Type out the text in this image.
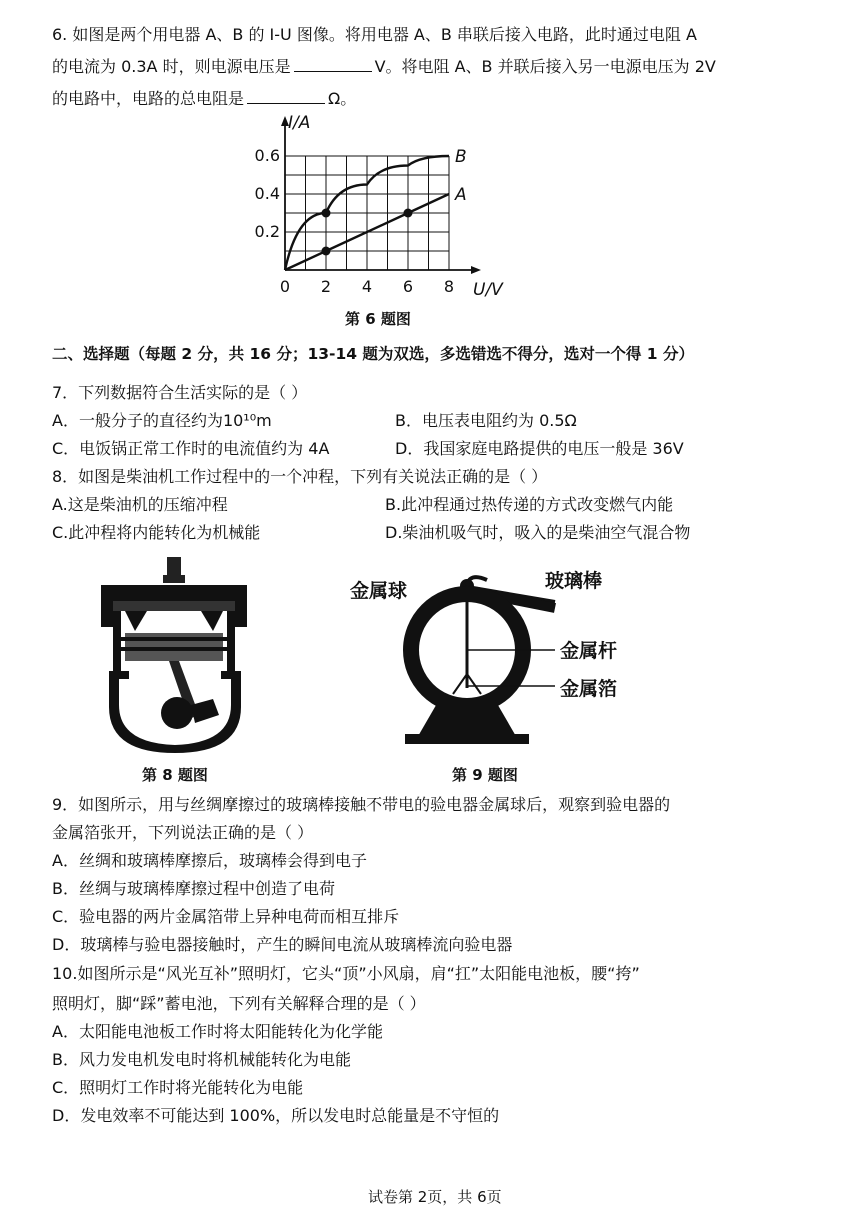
6. 如图是两个用电器 A、B 的 I-U 图像。将用电器 A、B 串联后接入电路，此时通过电阻 A
的电流为 0.3A 时，则电源电压是	V。将电阻 A、B 并联后接入另一电源电压为 2V
的电路中，电路的总电阻是	Ω。
0 2 4 6 8
0.2
0.4
0.6
U/V
I/A
A
B
第 6 题图
二、选择题（每题 2 分，共 16 分；13-14 题为双选，多选错选不得分，选对一个得 1 分）
7．下列数据符合生活实际的是（ ）
A．一般分子的直径约为10¹⁰m	B．电压表电阻约为 0.5Ω
C．电饭锅正常工作时的电流值约为 4A	D．我国家庭电路提供的电压一般是 36V
8．如图是柴油机工作过程中的一个冲程，下列有关说法正确的是（ ）
A.这是柴油机的压缩冲程	B.此冲程通过热传递的方式改变燃气内能
C.此冲程将内能转化为机械能	D.柴油机吸气时，吸入的是柴油空气混合物
第 8 题图
金属球	玻璃棒
金属杆
金属箔
第 9 题图
9．如图所示，用与丝绸摩擦过的玻璃棒接触不带电的验电器金属球后，观察到验电器的
金属箔张开，下列说法正确的是（ ）
A．丝绸和玻璃棒摩擦后，玻璃棒会得到电子
B．丝绸与玻璃棒摩擦过程中创造了电荷
C．验电器的两片金属箔带上异种电荷而相互排斥
D．玻璃棒与验电器接触时，产生的瞬间电流从玻璃棒流向验电器
10.如图所示是“风光互补”照明灯，它头“顶”小风扇，肩“扛”太阳能电池板，腰“挎”
照明灯，脚“踩”蓄电池，下列有关解释合理的是（ ）
A．太阳能电池板工作时将太阳能转化为化学能
B．风力发电机发电时将机械能转化为电能
C．照明灯工作时将光能转化为电能
D．发电效率不可能达到 100%，所以发电时总能量是不守恒的
试卷第 2页，共 6页
